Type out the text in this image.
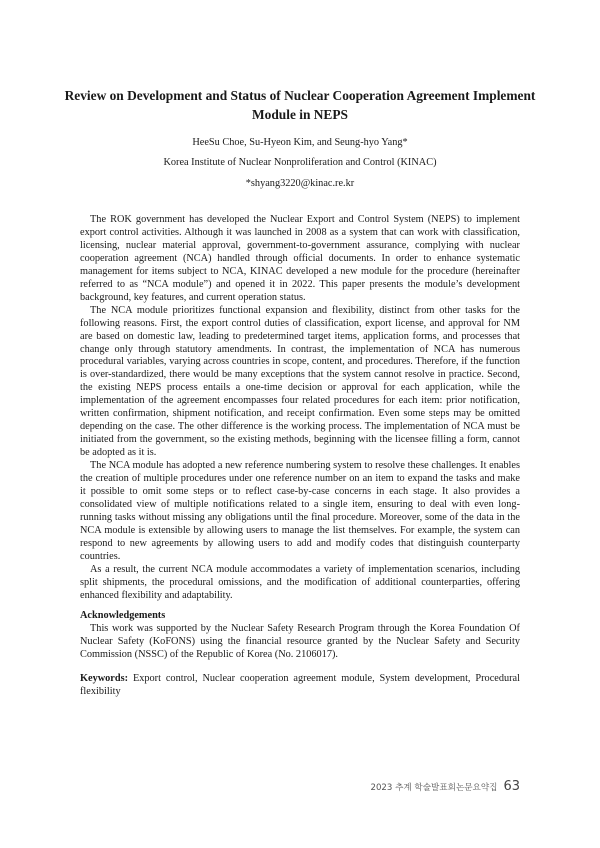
Review on Development and Status of Nuclear Cooperation Agreement Implement Module in NEPS
HeeSu Choe, Su-Hyeon Kim, and Seung-hyo Yang*
Korea Institute of Nuclear Nonproliferation and Control (KINAC)
*shyang3220@kinac.re.kr

The ROK government has developed the Nuclear Export and Control System (NEPS) to implement export control activities. Although it was launched in 2008 as a system that can work with classification, licensing, nuclear material approval, government-to-government assurance, complying with nuclear cooperation agreement (NCA) handled through official documents. In order to enhance systematic management for items subject to NCA, KINAC developed a new module for the procedure (hereinafter referred to as “NCA module”) and opened it in 2022. This paper presents the module’s development background, key features, and current operation status.

The NCA module prioritizes functional expansion and flexibility, distinct from other tasks for the following reasons. First, the export control duties of classification, export license, and approval for NM are based on domestic law, leading to predetermined target items, application forms, and processes that change only through statutory amendments. In contrast, the implementation of NCA has numerous procedural variables, varying across countries in scope, content, and procedures. Therefore, if the function is over-standardized, there would be many exceptions that the system cannot resolve in practice. Second, the existing NEPS process entails a one-time decision or approval for each application, while the implementation of the agreement encompasses four related procedures for each item: prior notification, written confirmation, shipment notification, and receipt confirmation. Even some steps may be omitted depending on the case. The other difference is the working process. The implementation of NCA must be initiated from the government, so the existing methods, beginning with the licensee filling a form, cannot be adopted as it is.

The NCA module has adopted a new reference numbering system to resolve these challenges. It enables the creation of multiple procedures under one reference number on an item to expand the tasks and make it possible to omit some steps or to reflect case-by-case concerns in each stage. It also provides a consolidated view of multiple notifications related to a single item, ensuring to deal with even long-running tasks without missing any obligations until the final procedure. Moreover, some of the data in the NCA module is extensible by allowing users to manage the list themselves. For example, the system can respond to new agreements by allowing users to add and modify codes that distinguish counterparty countries.

As a result, the current NCA module accommodates a variety of implementation scenarios, including split shipments, the procedural omissions, and the modification of additional counterparties, offering enhanced flexibility and adaptability.

Acknowledgements

This work was supported by the Nuclear Safety Research Program through the Korea Foundation Of Nuclear Safety (KoFONS) using the financial resource granted by the Nuclear Safety and Security Commission (NSSC) of the Republic of Korea (No. 2106017).

Keywords: Export control, Nuclear cooperation agreement module, System development, Procedural flexibility
2023 추계 학술발표회논문요약집 63
